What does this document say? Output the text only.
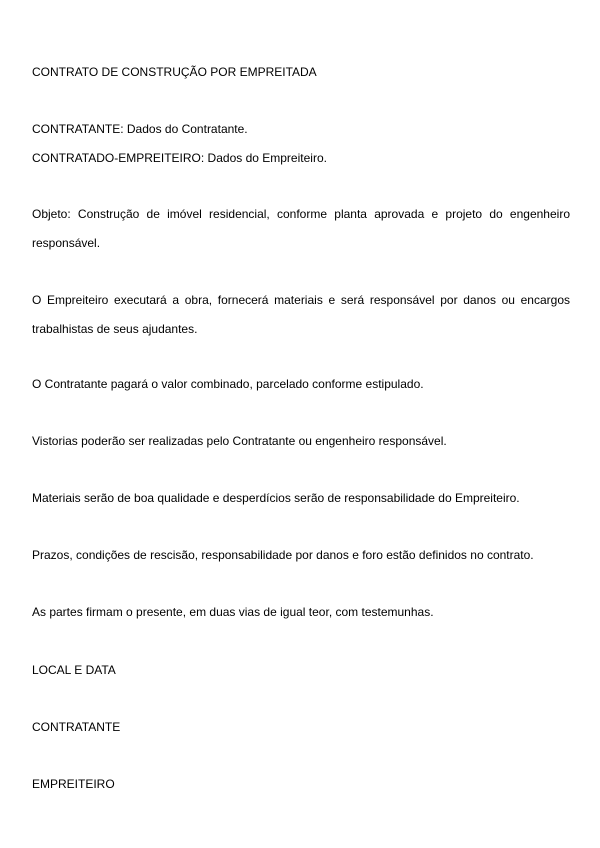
CONTRATO DE CONSTRUÇÃO POR EMPREITADA

CONTRATANTE: Dados do Contratante.

CONTRATADO-EMPREITEIRO: Dados do Empreiteiro.

Objeto: Construção de imóvel residencial, conforme planta aprovada e projeto do engenheiro responsável.

O Empreiteiro executará a obra, fornecerá materiais e será responsável por danos ou encargos trabalhistas de seus ajudantes.

O Contratante pagará o valor combinado, parcelado conforme estipulado.

Vistorias poderão ser realizadas pelo Contratante ou engenheiro responsável.

Materiais serão de boa qualidade e desperdícios serão de responsabilidade do Empreiteiro.

Prazos, condições de rescisão, responsabilidade por danos e foro estão definidos no contrato.

As partes firmam o presente, em duas vias de igual teor, com testemunhas.

LOCAL E DATA

CONTRATANTE

EMPREITEIRO
